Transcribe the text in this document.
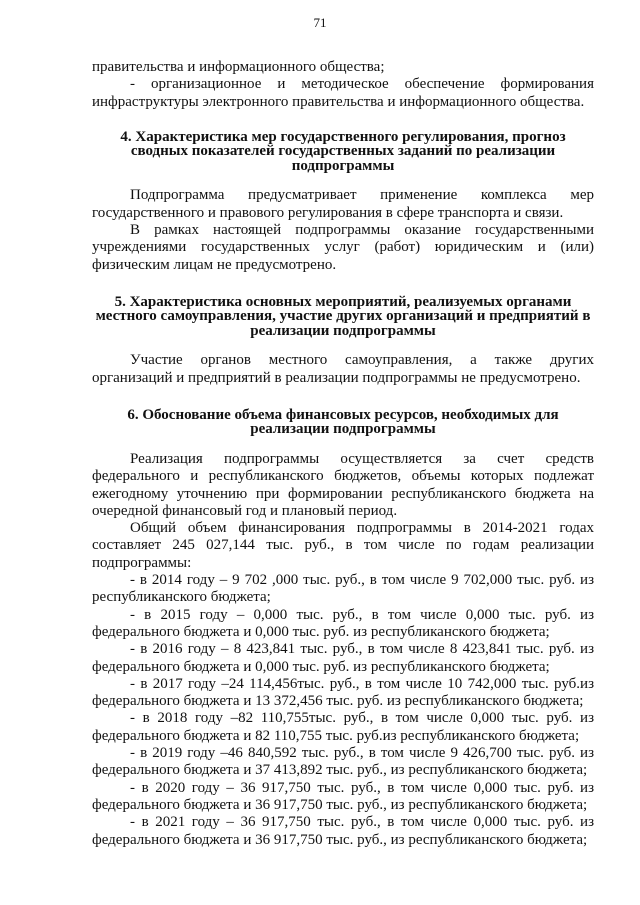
71

правительства и информационного общества;

- организационное и методическое обеспечение формирования инфраструктуры электронного правительства и информационного общества.

4. Характеристика мер государственного регулирования, прогноз сводных показателей государственных заданий по реализации подпрограммы

Подпрограмма предусматривает применение комплекса мер государственного и правового регулирования в сфере транспорта и связи.

В рамках настоящей подпрограммы оказание государственными учреждениями государственных услуг (работ) юридическим и (или) физическим лицам не предусмотрено.

5. Характеристика основных мероприятий, реализуемых органами местного самоуправления, участие других организаций и предприятий в реализации подпрограммы

Участие органов местного самоуправления, а также других организаций и предприятий в реализации подпрограммы не предусмотрено.

6. Обоснование объема финансовых ресурсов, необходимых для реализации подпрограммы

Реализация подпрограммы осуществляется за счет средств федерального и республиканского бюджетов, объемы которых подлежат ежегодному уточнению при формировании республиканского бюджета на очередной финансовый год и плановый период.

Общий объем финансирования подпрограммы в 2014-2021 годах составляет 245 027,144 тыс. руб., в том числе по годам реализации подпрограммы:

- в 2014 году – 9 702 ,000 тыс. руб., в том числе 9 702,000 тыс. руб. из республиканского бюджета;

- в 2015 году – 0,000 тыс. руб., в том числе 0,000 тыс. руб. из федерального бюджета и 0,000 тыс. руб. из республиканского бюджета;

- в 2016 году – 8 423,841 тыс. руб., в том числе 8 423,841 тыс. руб. из федерального бюджета и 0,000 тыс. руб. из республиканского бюджета;

- в 2017 году –24 114,456тыс. руб., в том числе 10 742,000 тыс. руб.из федерального бюджета и 13 372,456 тыс. руб. из республиканского бюджета;

- в 2018 году –82 110,755тыс. руб., в том числе 0,000 тыс. руб. из федерального бюджета и 82 110,755 тыс. руб.из республиканского бюджета;

- в 2019 году –46 840,592 тыс. руб., в том числе 9 426,700 тыс. руб. из федерального бюджета и 37 413,892 тыс. руб., из республиканского бюджета;

- в 2020 году – 36 917,750 тыс. руб., в том числе 0,000 тыс. руб. из федерального бюджета и 36 917,750 тыс. руб., из республиканского бюджета;

- в 2021 году – 36 917,750 тыс. руб., в том числе 0,000 тыс. руб. из федерального бюджета и 36 917,750 тыс. руб., из республиканского бюджета;
